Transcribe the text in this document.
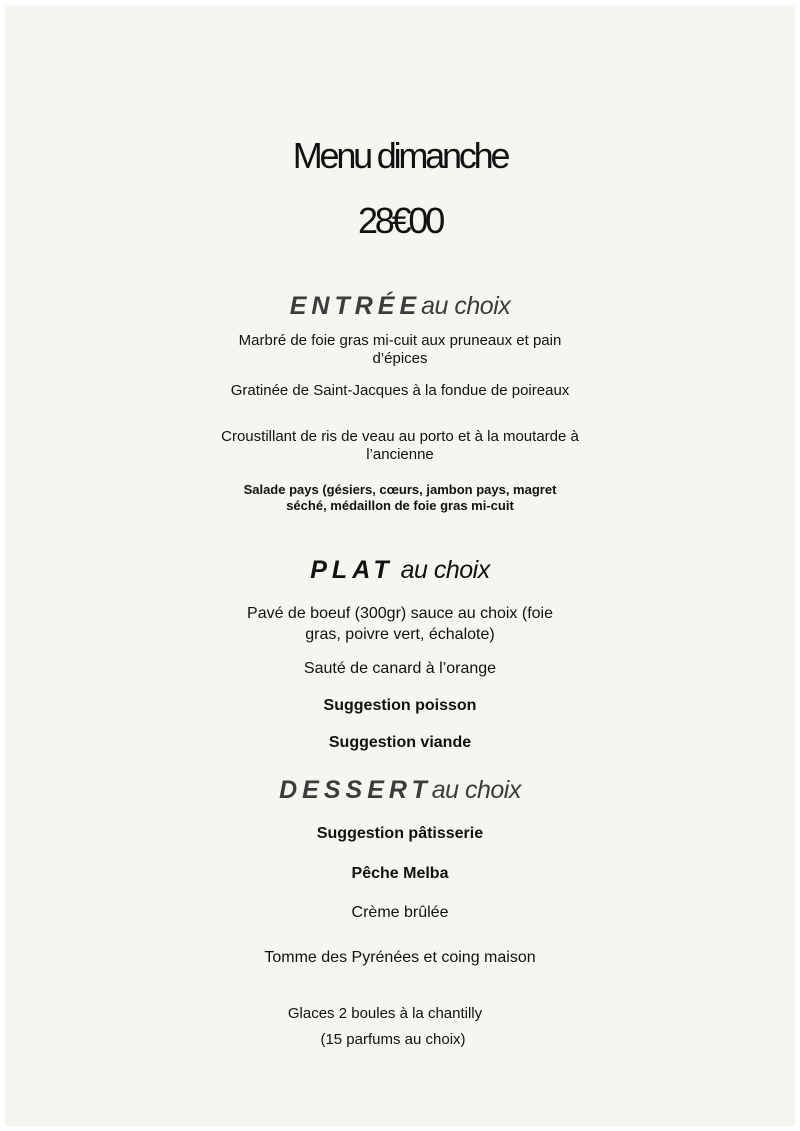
Menu dimanche
28€00
ENTRÉEau choix
Marbré de foie gras mi-cuit aux pruneaux et pain
d’épices
Gratinée de Saint-Jacques à la fondue de poireaux
Croustillant de ris de veau au porto et à la moutarde à
l’ancienne
Salade pays (gésiers, cœurs, jambon pays, magret
séché, médaillon de foie gras mi-cuit
PLAT au choix
Pavé de boeuf (300gr) sauce au choix (foie
gras, poivre vert, échalote)
Sauté de canard à l’orange
Suggestion poisson
Suggestion viande
DESSERTau choix
Suggestion pâtisserie
Pêche Melba
Crème brûlée
Tomme des Pyrénées et coing maison
Glaces 2 boules à la chantilly
(15 parfums au choix)
